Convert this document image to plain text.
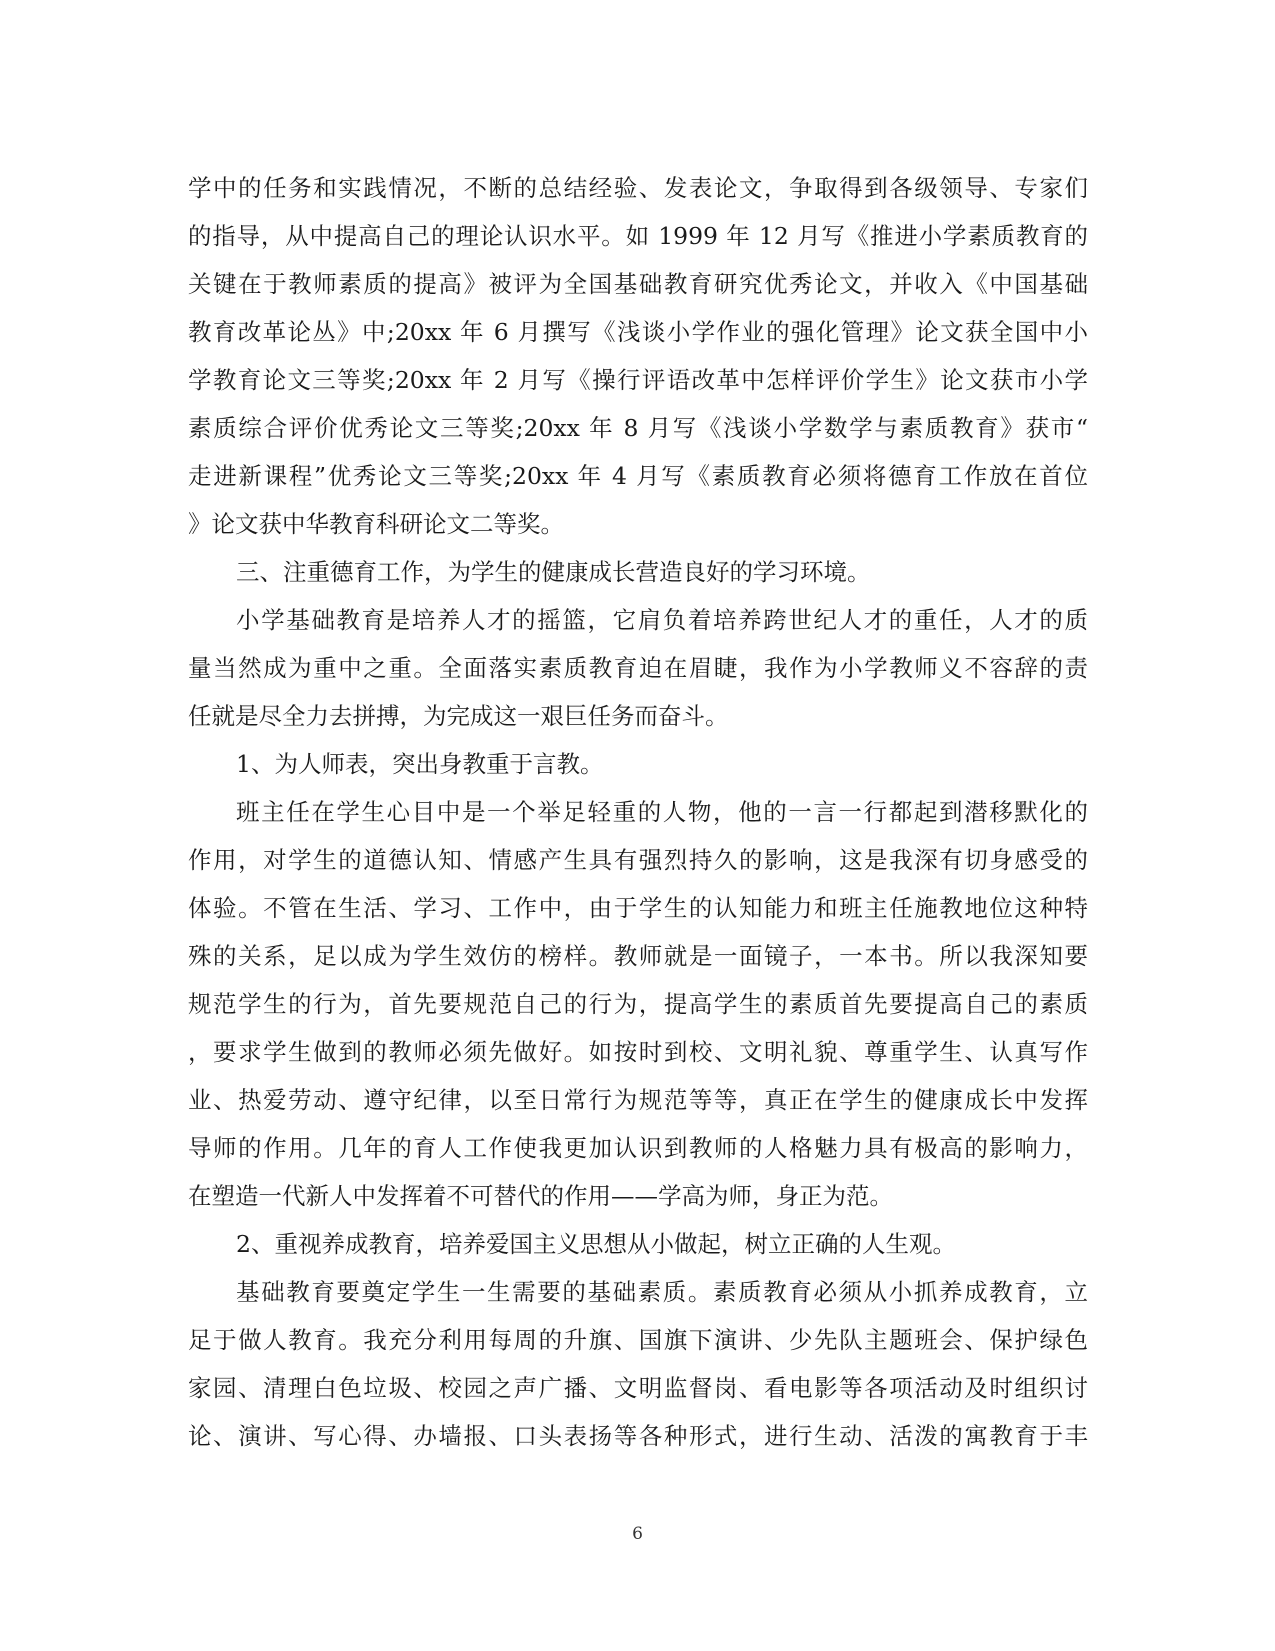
学中的任务和实践情况，不断的总结经验、发表论文，争取得到各级领导、专家们
的指导，从中提高自己的理论认识水平。如 1999 年 12 月写《推进小学素质教育的
关键在于教师素质的提高》被评为全国基础教育研究优秀论文，并收入《中国基础
教育改革论丛》中;20xx 年 6 月撰写《浅谈小学作业的强化管理》论文获全国中小
学教育论文三等奖;20xx 年 2 月写《操行评语改革中怎样评价学生》论文获市小学
素质综合评价优秀论文三等奖;20xx 年 8 月写《浅谈小学数学与素质教育》获市“
走进新课程”优秀论文三等奖;20xx 年 4 月写《素质教育必须将德育工作放在首位
》论文获中华教育科研论文二等奖。
三、注重德育工作，为学生的健康成长营造良好的学习环境。
小学基础教育是培养人才的摇篮，它肩负着培养跨世纪人才的重任，人才的质
量当然成为重中之重。全面落实素质教育迫在眉睫，我作为小学教师义不容辞的责
任就是尽全力去拼搏，为完成这一艰巨任务而奋斗。
1、为人师表，突出身教重于言教。
班主任在学生心目中是一个举足轻重的人物，他的一言一行都起到潜移默化的
作用，对学生的道德认知、情感产生具有强烈持久的影响，这是我深有切身感受的
体验。不管在生活、学习、工作中，由于学生的认知能力和班主任施教地位这种特
殊的关系，足以成为学生效仿的榜样。教师就是一面镜子，一本书。所以我深知要
规范学生的行为，首先要规范自己的行为，提高学生的素质首先要提高自己的素质
，要求学生做到的教师必须先做好。如按时到校、文明礼貌、尊重学生、认真写作
业、热爱劳动、遵守纪律，以至日常行为规范等等，真正在学生的健康成长中发挥
导师的作用。几年的育人工作使我更加认识到教师的人格魅力具有极高的影响力，
在塑造一代新人中发挥着不可替代的作用——学高为师，身正为范。
2、重视养成教育，培养爱国主义思想从小做起，树立正确的人生观。
基础教育要奠定学生一生需要的基础素质。素质教育必须从小抓养成教育，立
足于做人教育。我充分利用每周的升旗、国旗下演讲、少先队主题班会、保护绿色
家园、清理白色垃圾、校园之声广播、文明监督岗、看电影等各项活动及时组织讨
论、演讲、写心得、办墙报、口头表扬等各种形式，进行生动、活泼的寓教育于丰
6
